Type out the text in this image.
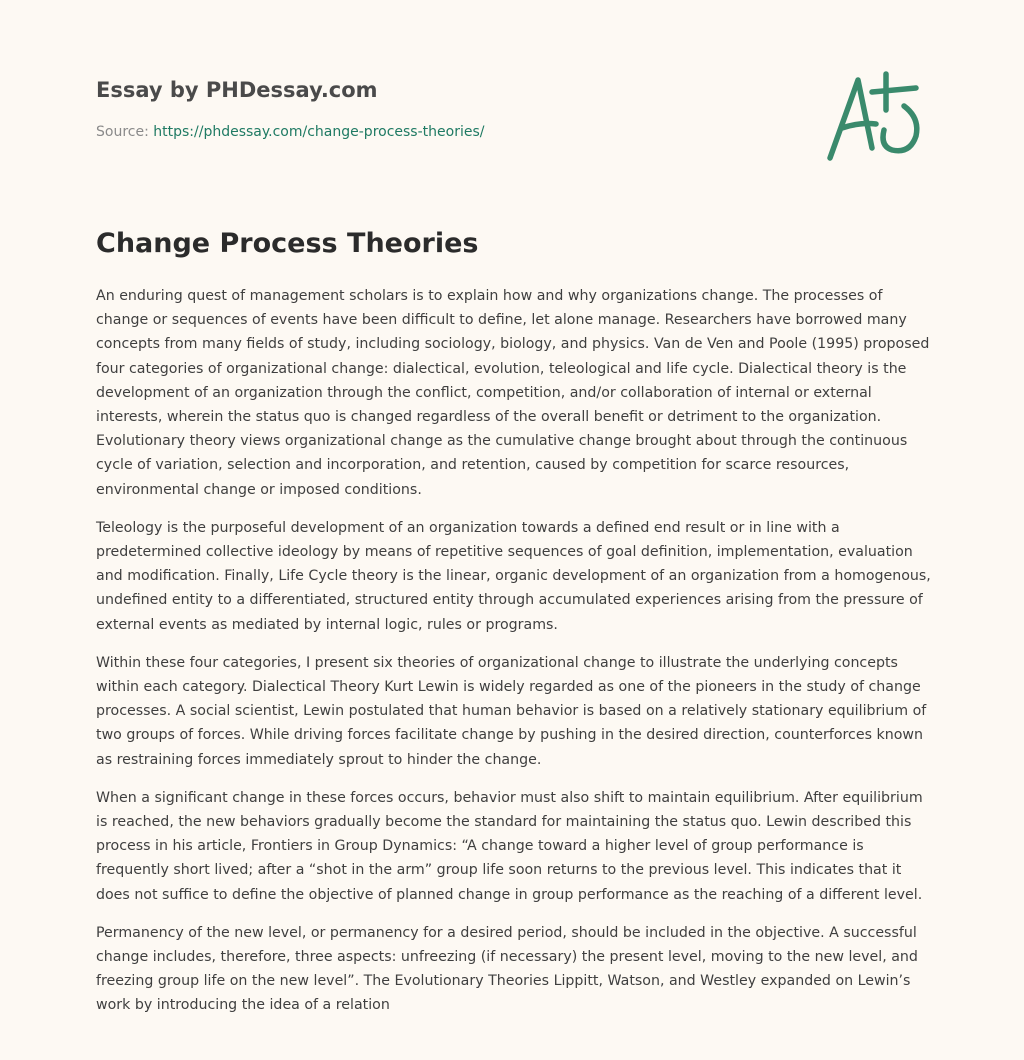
Essay by PHDessay.com
Source: https://phdessay.com/change-process-theories/
Change Process Theories

An enduring quest of management scholars is to explain how and why organizations change. The processes of change or sequences of events have been difficult to define, let alone manage. Researchers have borrowed many concepts from many fields of study, including sociology, biology, and physics. Van de Ven and Poole (1995) proposed four categories of organizational change: dialectical, evolution, teleological and life cycle. Dialectical theory is the development of an organization through the conflict, competition, and/or collaboration of internal or external interests, wherein the status quo is changed regardless of the overall benefit or detriment to the organization. Evolutionary theory views organizational change as the cumulative change brought about through the continuous cycle of variation, selection and incorporation, and retention, caused by competition for scarce resources, environmental change or imposed conditions.

Teleology is the purposeful development of an organization towards a defined end result or in line with a predetermined collective ideology by means of repetitive sequences of goal definition, implementation, evaluation and modification. Finally, Life Cycle theory is the linear, organic development of an organization from a homogenous, undefined entity to a differentiated, structured entity through accumulated experiences arising from the pressure of external events as mediated by internal logic, rules or programs.

Within these four categories, I present six theories of organizational change to illustrate the underlying concepts within each category. Dialectical Theory Kurt Lewin is widely regarded as one of the pioneers in the study of change processes. A social scientist, Lewin postulated that human behavior is based on a relatively stationary equilibrium of two groups of forces. While driving forces facilitate change by pushing in the desired direction, counterforces known as restraining forces immediately sprout to hinder the change.

When a significant change in these forces occurs, behavior must also shift to maintain equilibrium. After equilibrium is reached, the new behaviors gradually become the standard for maintaining the status quo. Lewin described this process in his article, Frontiers in Group Dynamics: “A change toward a higher level of group performance is frequently short lived; after a “shot in the arm” group life soon returns to the previous level. This indicates that it does not suffice to define the objective of planned change in group performance as the reaching of a different level.

Permanency of the new level, or permanency for a desired period, should be included in the objective. A successful change includes, therefore, three aspects: unfreezing (if necessary) the present level, moving to the new level, and freezing group life on the new level”. The Evolutionary Theories Lippitt, Watson, and Westley expanded on Lewin’s work by introducing the idea of a relation
